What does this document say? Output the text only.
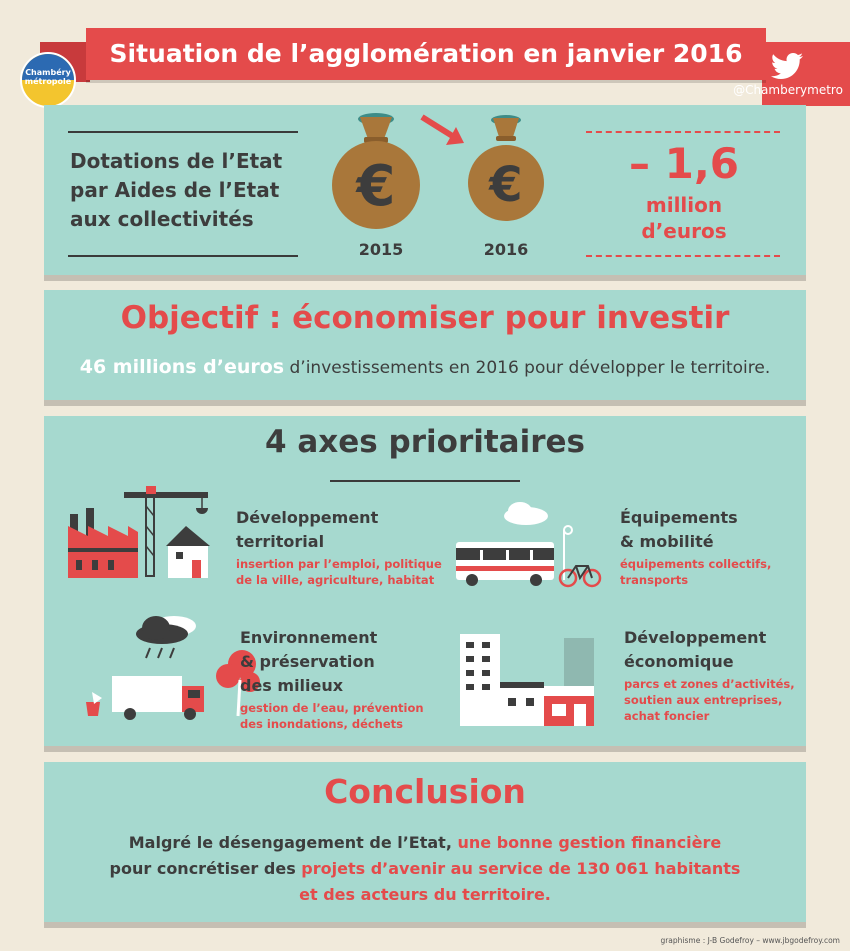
Situation de l’agglomération en janvier 2016
Chambéry métropole
@Chamberymetro
Dotations de l’Etat
par Aides de l’Etat
aux collectivités	€
2015
€
2016
– 1,6
million
d’euros
Objectif : économiser pour investir
46 millions d’euros d’investissements en 2016 pour développer le territoire.
4 axes prioritaires
Développement
territorial
insertion par l’emploi, politique
de la ville, agriculture, habitat
Équipements
& mobilité
équipements collectifs,
transports
Environnement
& préservation
des milieux
gestion de l’eau, prévention
des inondations, déchets
Développement
économique
parcs et zones d’activités,
soutien aux entreprises,
achat foncier
Conclusion
Malgré le désengagement de l’Etat, une bonne gestion financière
pour concrétiser des projets d’avenir au service de 130 061 habitants
et des acteurs du territoire.
graphisme : J-B Godefroy – www.jbgodefroy.com
